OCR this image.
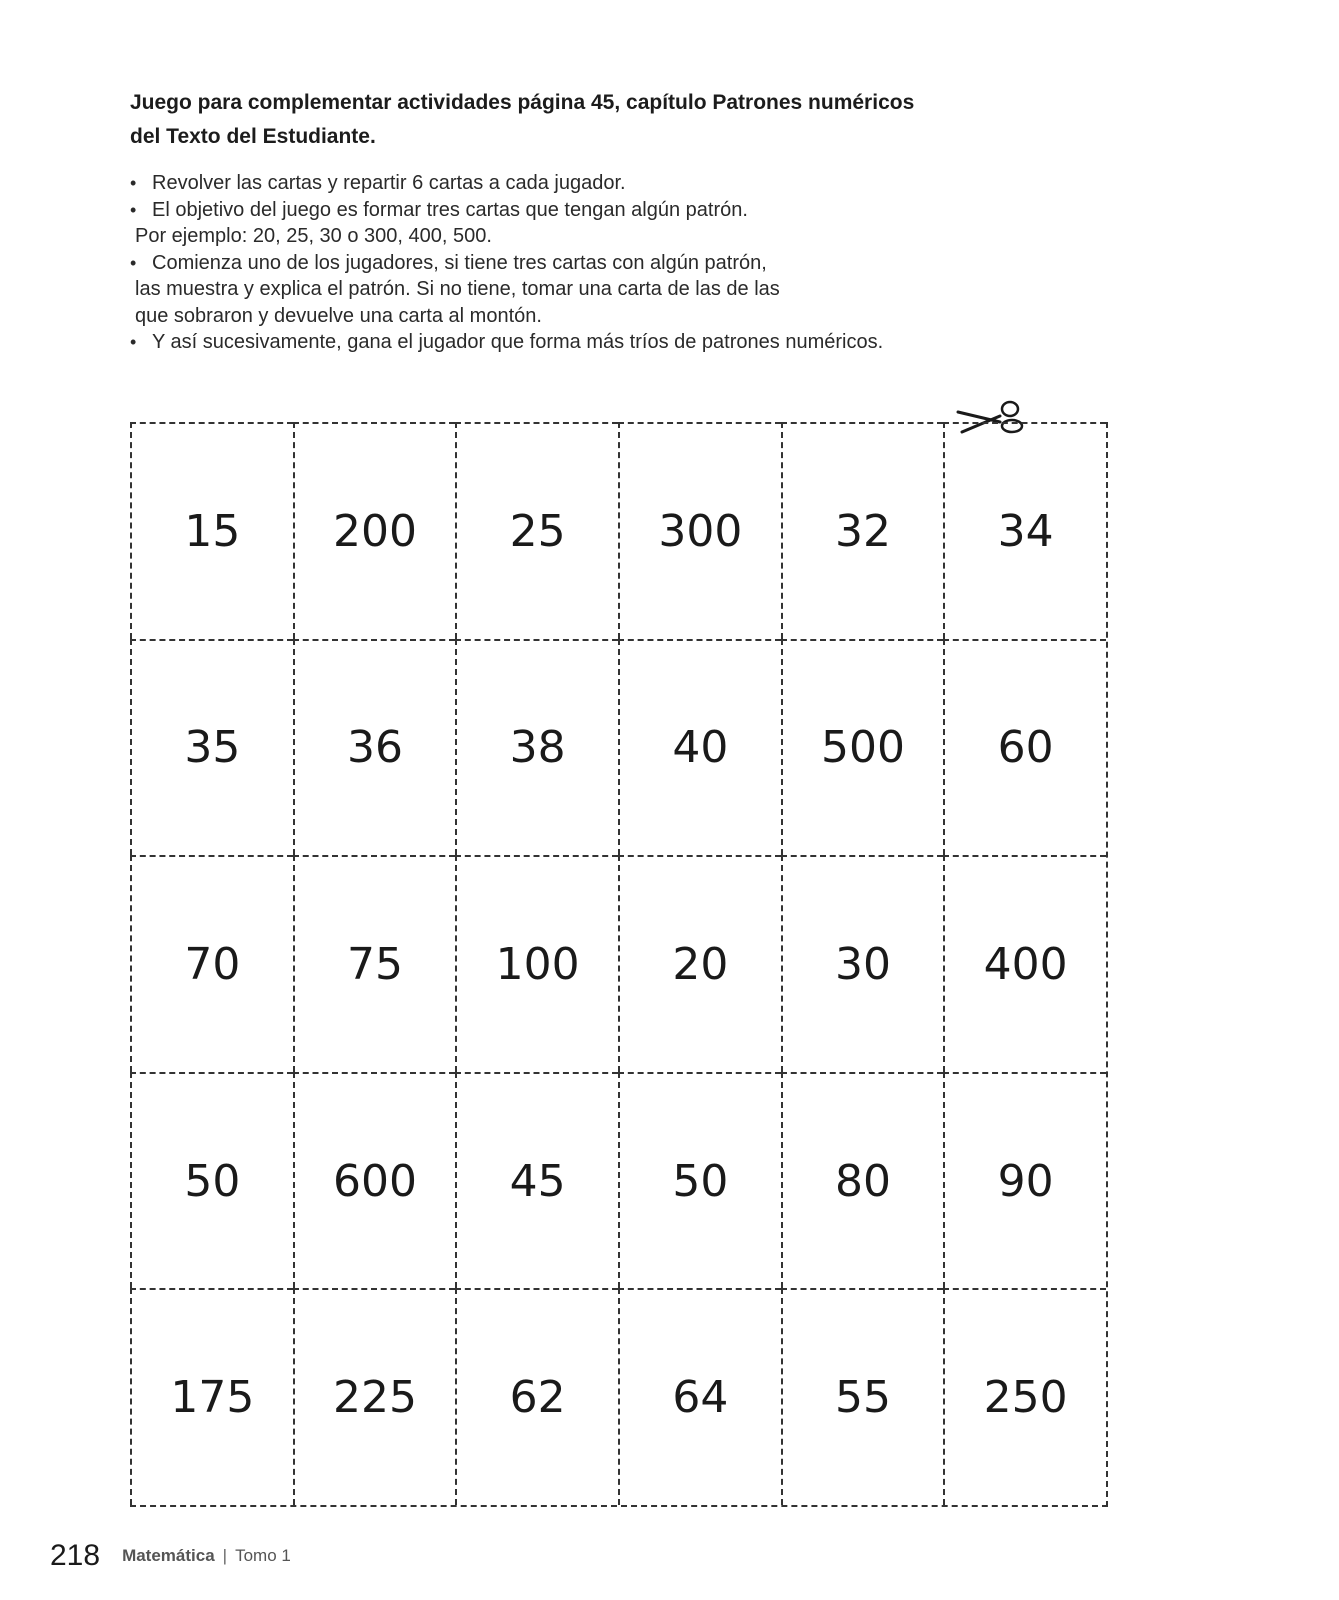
Juego para complementar actividades página 45, capítulo Patrones numéricos
del Texto del Estudiante.
• Revolver las cartas y repartir 6 cartas a cada jugador.
• El objetivo del juego es formar tres cartas que tengan algún patrón.
Por ejemplo: 20, 25, 30 o 300, 400, 500.
• Comienza uno de los jugadores, si tiene tres cartas con algún patrón,
las muestra y explica el patrón. Si no tiene, tomar una carta de las de las
que sobraron y devuelve una carta al montón.
• Y así sucesivamente, gana el jugador que forma más tríos de patrones numéricos.
15	200	25	300	32	34
35	36	38	40	500	60
70	75	100	20	30	400
50	600	45	50	80	90
175	225	62	64	55	250
218 Matemática | Tomo 1
